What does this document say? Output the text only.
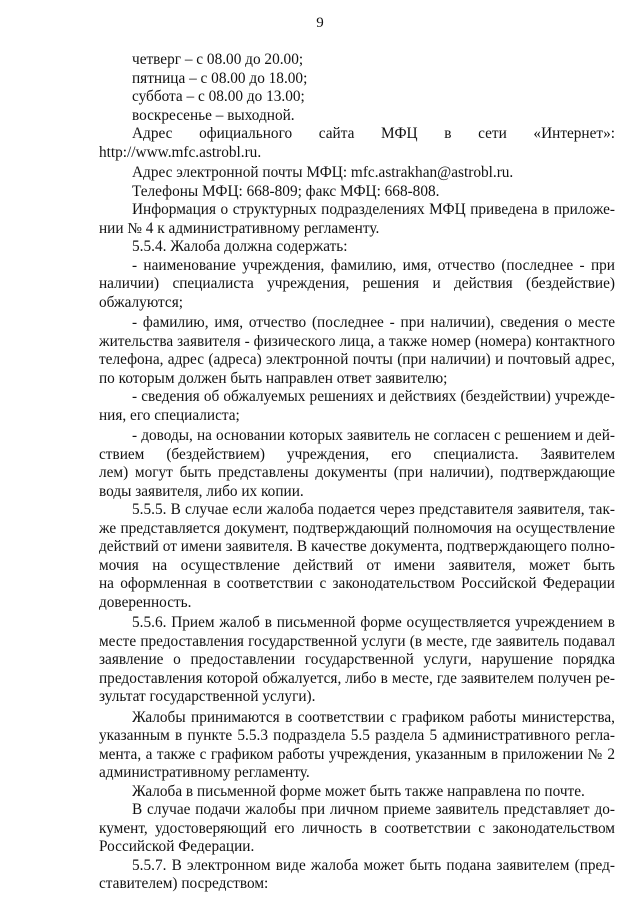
9
четверг – с 08.00 до 20.00;
пятница – с 08.00 до 18.00;
суббота – с 08.00 до 13.00;
воскресенье – выходной.
Адрес официального сайта МФЦ в сети «Интернет»:
http://www.mfc.astrobl.ru.
Адрес электронной почты МФЦ: mfc.astrakhan@astrobl.ru.
Телефоны МФЦ: 668-809; факс МФЦ: 668-808.
Информация о структурных подразделениях МФЦ приведена в приложе-
нии № 4 к административному регламенту.
5.5.4. Жалоба должна содержать:
- наименование учреждения, фамилию, имя, отчество (последнее - при
наличии) специалиста учреждения, решения и действия (бездействие)
обжалуются;
- фамилию, имя, отчество (последнее - при наличии), сведения о месте
жительства заявителя - физического лица, а также номер (номера) контактного
телефона, адрес (адреса) электронной почты (при наличии) и почтовый адрес,
по которым должен быть направлен ответ заявителю;
- сведения об обжалуемых решениях и действиях (бездействии) учрежде-
ния, его специалиста;
- доводы, на основании которых заявитель не согласен с решением и дей-
ствием (бездействием) учреждения, его специалиста. Заявителем
лем) могут быть представлены документы (при наличии), подтверждающие
воды заявителя, либо их копии.
5.5.5. В случае если жалоба подается через представителя заявителя, так-
же представляется документ, подтверждающий полномочия на осуществление
действий от имени заявителя. В качестве документа, подтверждающего полно-
мочия на осуществление действий от имени заявителя, может быть
на оформленная в соответствии с законодательством Российской Федерации
доверенность.
5.5.6. Прием жалоб в письменной форме осуществляется учреждением в
месте предоставления государственной услуги (в месте, где заявитель подавал
заявление о предоставлении государственной услуги, нарушение порядка
предоставления которой обжалуется, либо в месте, где заявителем получен ре-
зультат государственной услуги).
Жалобы принимаются в соответствии с графиком работы министерства,
указанным в пункте 5.5.3 подраздела 5.5 раздела 5 административного регла-
мента, а также с графиком работы учреждения, указанным в приложении № 2
административному регламенту.
Жалоба в письменной форме может быть также направлена по почте.
В случае подачи жалобы при личном приеме заявитель представляет до-
кумент, удостоверяющий его личность в соответствии с законодательством
Российской Федерации.
5.5.7. В электронном виде жалоба может быть подана заявителем (пред-
ставителем) посредством:
